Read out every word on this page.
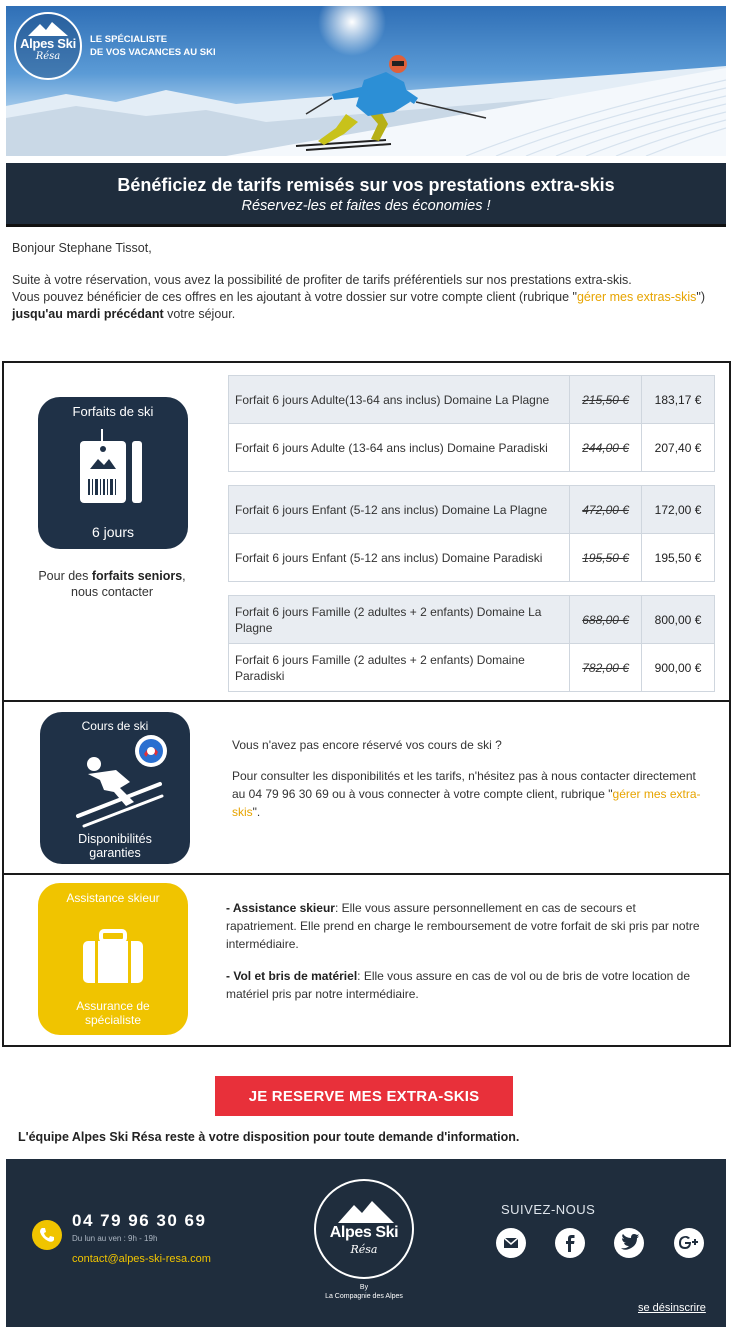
Alpes Ski
Résa
LE SPÉCIALISTE
DE VOS VACANCES AU SKI
Bénéficiez de tarifs remisés sur vos prestations extra-skis
Réservez-les et faites des économies !

Bonjour Stephane Tissot,

Suite à votre réservation, vous avez la possibilité de profiter de tarifs préférentiels sur nos prestations extra-skis.

Vous pouvez bénéficier de ces offres en les ajoutant à votre dossier sur votre compte client (rubrique "gérer mes extras-skis") jusqu'au mardi précédant votre séjour.

Forfaits de ski
6 jours
Pour des forfaits seniors,
nous contacter
Forfait 6 jours Adulte(13-64 ans inclus) Domaine La Plagne	215,50 €	183,17 €
Forfait 6 jours Adulte (13-64 ans inclus) Domaine Paradiski	244,00 €	207,40 €
Forfait 6 jours Enfant (5-12 ans inclus) Domaine La Plagne	472,00 €	172,00 €
Forfait 6 jours Enfant (5-12 ans inclus) Domaine Paradiski	195,50 €	195,50 €
Forfait 6 jours Famille (2 adultes + 2 enfants) Domaine La Plagne	688,00 €	800,00 €
Forfait 6 jours Famille (2 adultes + 2 enfants) Domaine Paradiski	782,00 €	900,00 €
Cours de ski
Disponibilités
garanties
Vous n'avez pas encore réservé vos cours de ski ?
Pour consulter les disponibilités et les tarifs, n'hésitez pas à nous contacter directement au 04 79 96 30 69 ou à vous connecter à votre compte client, rubrique "gérer mes extra-skis".
Assistance skieur
Assurance de
spécialiste
- Assistance skieur: Elle vous assure personnellement en cas de secours et rapatriement. Elle prend en charge le remboursement de votre forfait de ski pris par notre intermédiaire.
- Vol et bris de matériel: Elle vous assure en cas de vol ou de bris de votre location de matériel pris par notre intermédiaire.
JE RESERVE MES EXTRA-SKIS
L'équipe Alpes Ski Résa reste à votre disposition pour toute demande d'information.
04 79 96 30 69
Du lun au ven : 9h - 19h
contact@alpes-ski-resa.com
Alpes Ski
Résa
By
La Compagnie des Alpes
SUIVEZ-NOUS
se désinscrire
